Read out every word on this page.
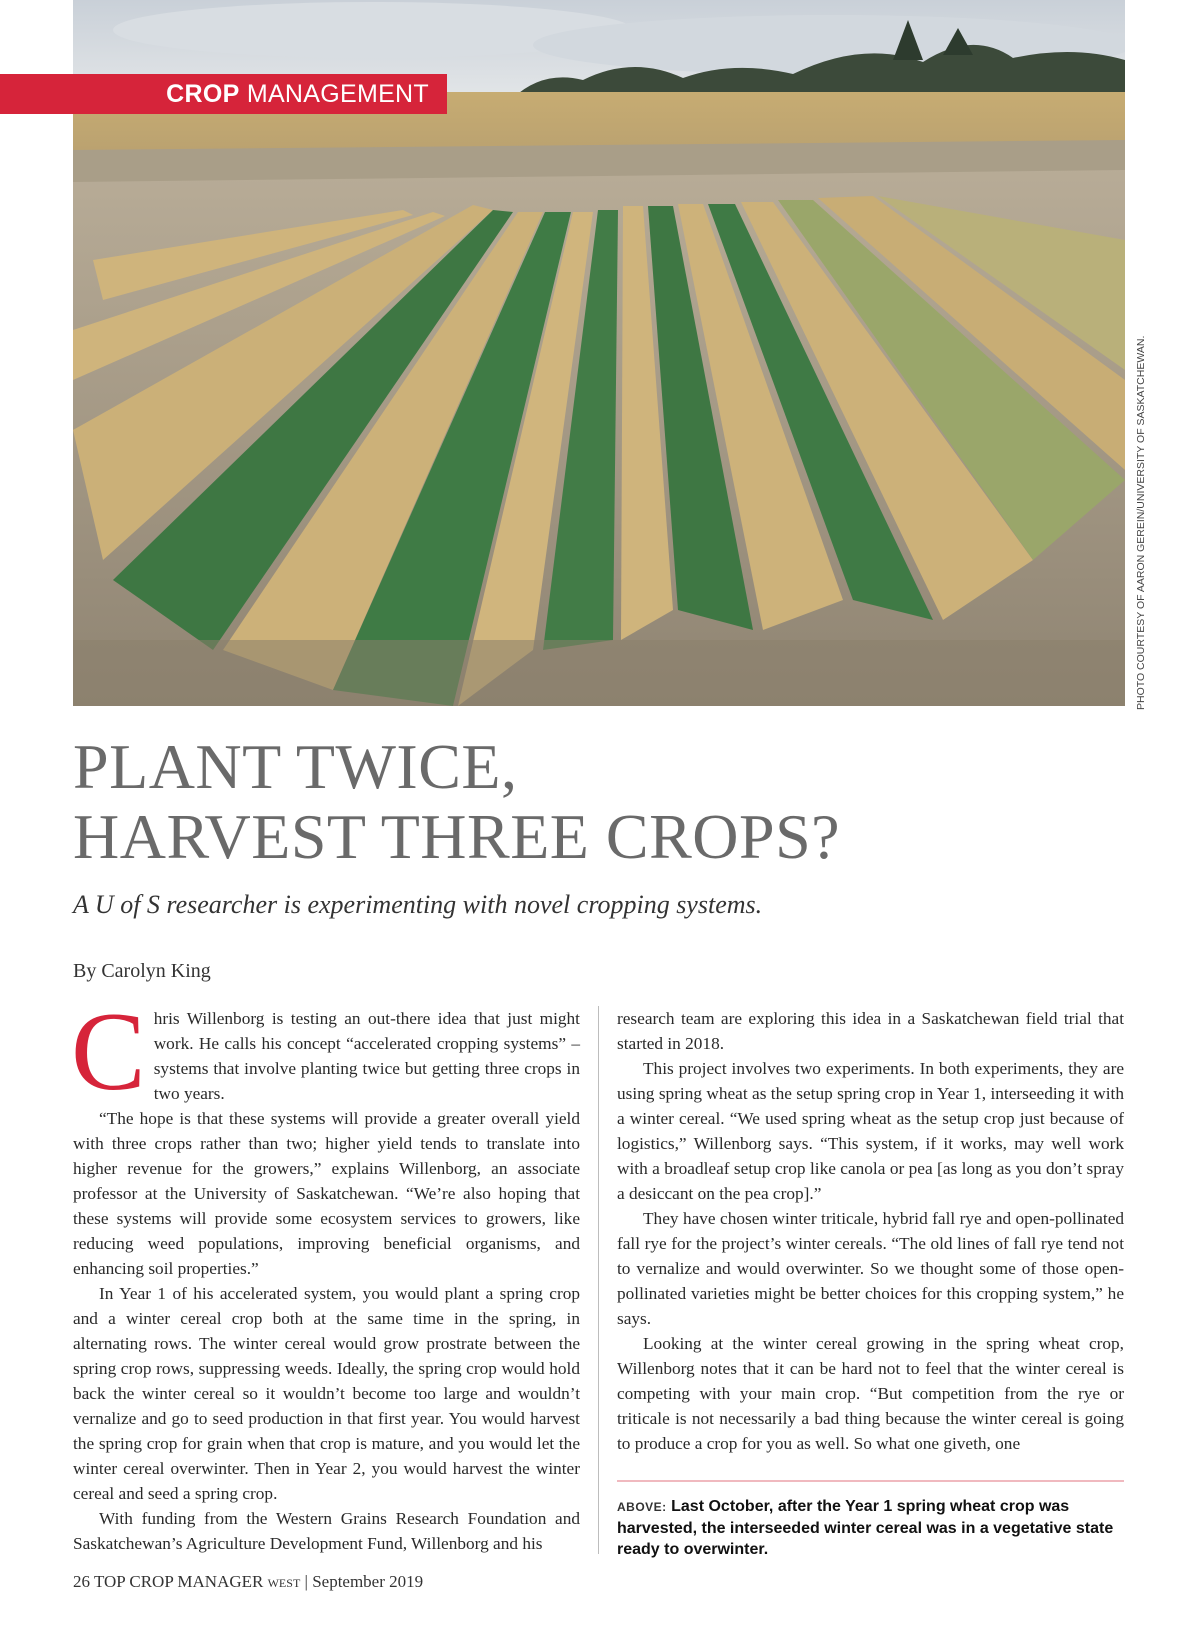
CROP MANAGEMENT
PHOTO COURTESY OF AARON GEREIN/UNIVERSITY OF SASKATCHEWAN.
PLANT TWICE,
HARVEST THREE CROPS?
A U of S researcher is experimenting with novel cropping systems.
By Carolyn King

Chris Willenborg is testing an out-there idea that just might work. He calls his concept “accelerated cropping systems” – systems that involve planting twice but getting three crops in two years.

“The hope is that these systems will provide a greater overall yield with three crops rather than two; higher yield tends to translate into higher revenue for the growers,” explains Willenborg, an associate professor at the University of Saskatchewan. “We’re also hoping that these systems will provide some ecosystem services to growers, like reducing weed populations, improving beneficial organisms, and enhancing soil properties.”

In Year 1 of his accelerated system, you would plant a spring crop and a winter cereal crop both at the same time in the spring, in alternating rows. The winter cereal would grow prostrate between the spring crop rows, suppressing weeds. Ideally, the spring crop would hold back the winter cereal so it wouldn’t become too large and wouldn’t vernalize and go to seed production in that first year. You would harvest the spring crop for grain when that crop is mature, and you would let the winter cereal overwinter. Then in Year 2, you would harvest the winter cereal and seed a spring crop.

With funding from the Western Grains Research Foundation and Saskatchewan’s Agriculture Development Fund, Willenborg and his

research team are exploring this idea in a Saskatchewan field trial that started in 2018.

This project involves two experiments. In both experiments, they are using spring wheat as the setup spring crop in Year 1, interseeding it with a winter cereal. “We used spring wheat as the setup crop just because of logistics,” Willenborg says. “This system, if it works, may well work with a broadleaf setup crop like canola or pea [as long as you don’t spray a desiccant on the pea crop].”

They have chosen winter triticale, hybrid fall rye and open-pollinated fall rye for the project’s winter cereals. “The old lines of fall rye tend not to vernalize and would overwinter. So we thought some of those open-pollinated varieties might be better choices for this cropping system,” he says.

Looking at the winter cereal growing in the spring wheat crop, Willenborg notes that it can be hard not to feel that the winter cereal is competing with your main crop. “But competition from the rye or triticale is not necessarily a bad thing because the winter cereal is going to produce a crop for you as well. So what one giveth, one

ABOVE: Last October, after the Year 1 spring wheat crop was harvested, the interseeded winter cereal was in a vegetative state ready to overwinter.
26 TOP CROP MANAGER WEST | September 2019
